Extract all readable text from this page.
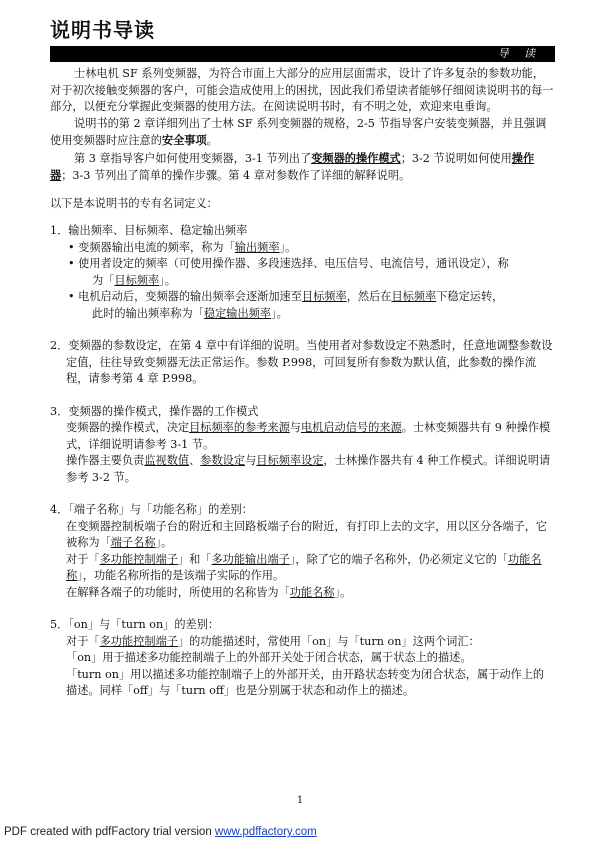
说明书导读
导 读

士林电机 SF 系列变频器，为符合市面上大部分的应用层面需求，设计了许多复杂的参数功能，对于初次接触变频器的客户，可能会造成使用上的困扰，因此我们希望读者能够仔细阅读说明书的每一部分，以便充分掌握此变频器的使用方法。在阅读说明书时，有不明之处，欢迎来电垂询。

说明书的第 2 章详细列出了士林 SF 系列变频器的规格，2-5 节指导客户安装变频器，并且强调使用变频器时应注意的安全事项。

第 3 章指导客户如何使用变频器，3-1 节列出了变频器的操作模式；3-2 节说明如何使用操作器；3-3 节列出了简单的操作步骤。第 4 章对参数作了详细的解释说明。

以下是本说明书的专有名词定义：

1．输出频率、目标频率、稳定输出频率

• 变频器输出电流的频率，称为「输出频率」。

• 使用者设定的频率（可使用操作器、多段速选择、电压信号、电流信号，通讯设定），称
为「目标频率」。

• 电机启动后，变频器的输出频率会逐渐加速至目标频率，然后在目标频率下稳定运转，
此时的输出频率称为「稳定输出频率」。

2．变频器的参数设定，在第 4 章中有详细的说明。当使用者对参数设定不熟悉时，任意地调整参数设定值，往往导致变频器无法正常运作。参数 P.998，可回复所有参数为默认值，此参数的操作流程，请参考第 4 章 P.998。

3．变频器的操作模式，操作器的工作模式

变频器的操作模式，决定目标频率的参考来源与电机启动信号的来源。士林变频器共有 9 种操作模式，详细说明请参考 3-1 节。

操作器主要负责监视数值、参数设定与目标频率设定，士林操作器共有 4 种工作模式。详细说明请参考 3-2 节。

4．「端子名称」与「功能名称」的差别：

在变频器控制板端子台的附近和主回路板端子台的附近，有打印上去的文字，用以区分各端子，它被称为「端子名称」。

对于「多功能控制端子」和「多功能输出端子」，除了它的端子名称外，仍必须定义它的「功能名称」，功能名称所指的是该端子实际的作用。

在解释各端子的功能时，所使用的名称皆为「功能名称」。

5．「on」与「turn on」的差别：

对于「多功能控制端子」的功能描述时，常使用「on」与「turn on」这两个词汇：

「on」用于描述多功能控制端子上的外部开关处于闭合状态，属于状态上的描述。

「turn on」用以描述多功能控制端子上的外部开关，由开路状态转变为闭合状态，属于动作上的描述。同样「off」与「turn off」也是分别属于状态和动作上的描述。

1
PDF created with pdfFactory trial version www.pdffactory.com
